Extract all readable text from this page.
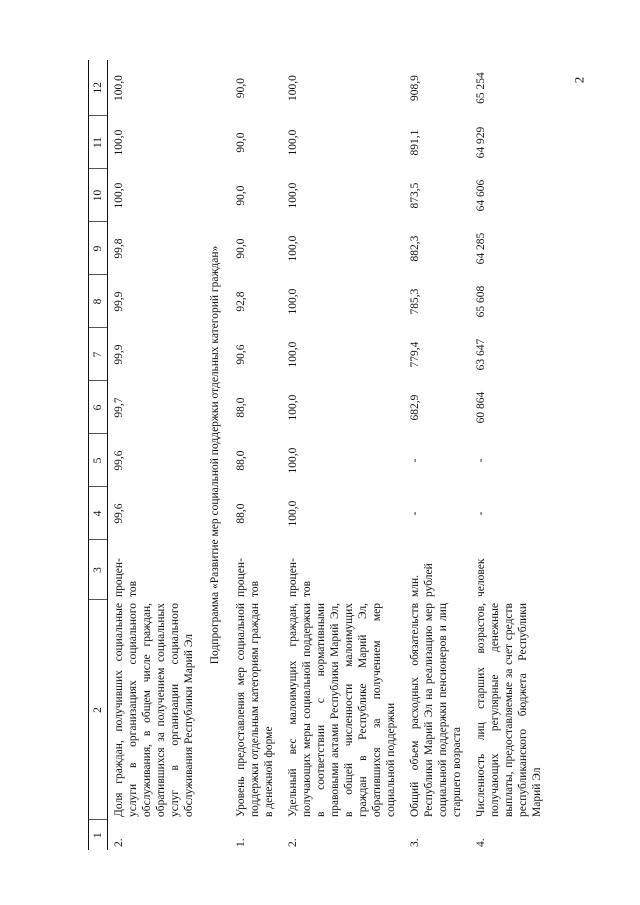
2
1	2	3	4	5	6	7	8	9	10	11	12
2.	Доля граждан, получивших социальные услуги в организациях социального обслуживания, в общем числе граждан, обратившихся за получением социальных услуг в организации социального обслуживания Республики Марий Эл	процен-тов	99,6	99,6	99,7	99,9	99,9	99,8	100,0	100,0	100,0
Подпрограмма «Развитие мер социальной поддержки отдельных категорий граждан»											
1.	Уровень предоставления мер социальной поддержки отдельным категориям граждан в денежной форме	процен-тов	88,0	88,0	88,0	90,6	92,8	90,0	90,0	90,0	90,0
2.	Удельный вес малоимущих граждан, получающих меры социальной поддержки в соответствии с нормативными правовыми актами Республики Марий Эл, в общей численности малоимущих граждан в Республике Марий Эл, обратившихся за получением мер социальной поддержки	процен-тов	100,0	100,0	100,0	100,0	100,0	100,0	100,0	100,0	100,0
3.	Общий объем расходных обязательств Республики Марий Эл на реализацию мер социальной поддержки пенсионеров и лиц старшего возраста	млн. рублей	-	-	682,9	779,4	785,3	882,3	873,5	891,1	908,9
4.	Численность лиц старших возрастов, получающих регулярные денежные выплаты, предоставляемые за счет средств республиканского бюджета Республики Марий Эл	человек	-	-	60 864	63 647	65 608	64 285	64 606	64 929	65 254
